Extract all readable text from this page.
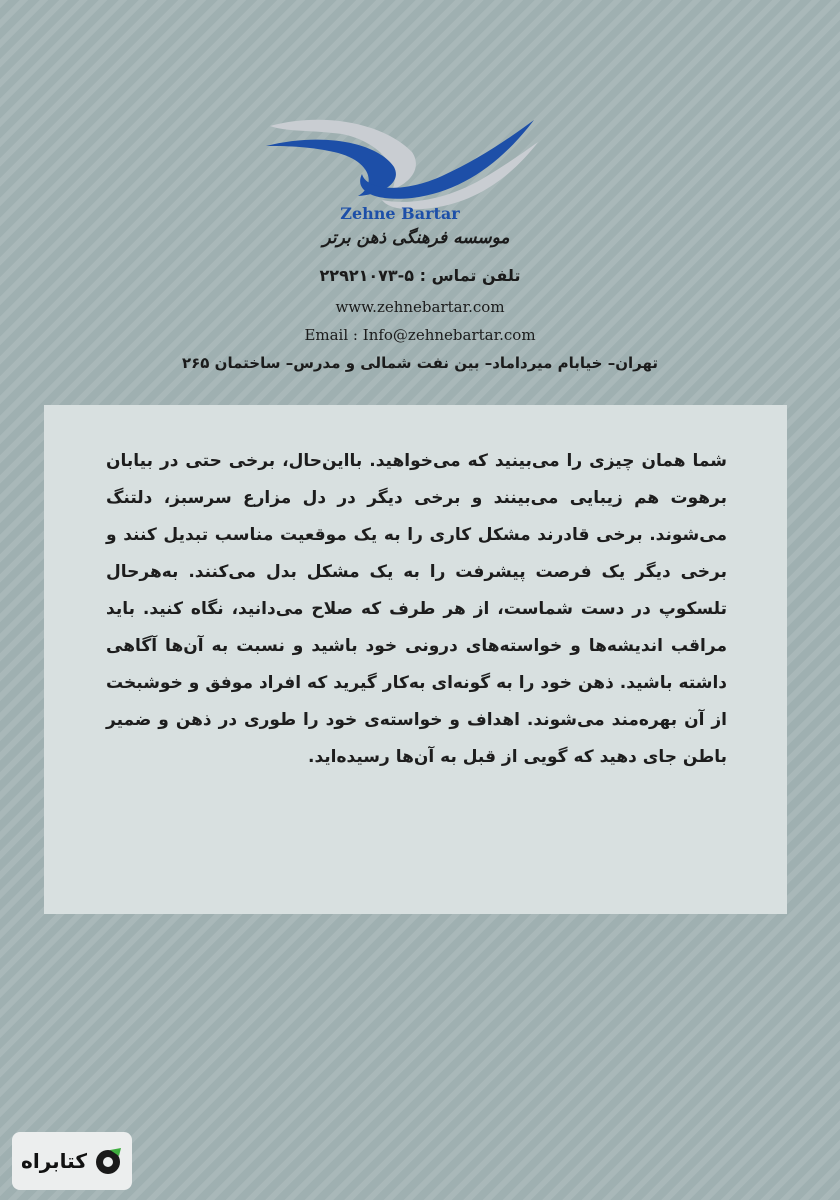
Zehne Bartar
موسسه فرهنگی ذهن برتر
تلفن تماس : ۵-۲۲۹۲۱۰۷۳
www.zehnebartar.com
Email : Info@zehnebartar.com
تهران– خیابام میرداماد– بین نفت شمالی و مدرس– ساختمان ۲۶۵

شما همان چیزی را می‌بینید که می‌خواهید. بااین‌حال، برخی حتی در بیابان برهوت هم زیبایی می‌بینند و برخی دیگر در دل مزارع سرسبز، دلتنگ می‌شوند. برخی قادرند مشکل کاری را به یک موقعیت مناسب تبدیل کنند و برخی دیگر یک فرصت پیشرفت را به یک مشکل بدل می‌کنند. به‌هرحال تلسکوپ در دست شماست، از هر طرف که صلاح می‌دانید، نگاه کنید. باید مراقب اندیشه‌ها و خواسته‌های درونی خود باشید و نسبت به آن‌ها آگاهی داشته باشید. ذهن خود را به گونه‌ای به‌کار گیرید که افراد موفق و خوشبخت از آن بهره‌مند می‌شوند. اهداف و خواسته‌ی خود را طوری در ذهن و ضمیر باطن جای دهید که گویی از قبل به آن‌ها رسیده‌اید.

کتابراه
